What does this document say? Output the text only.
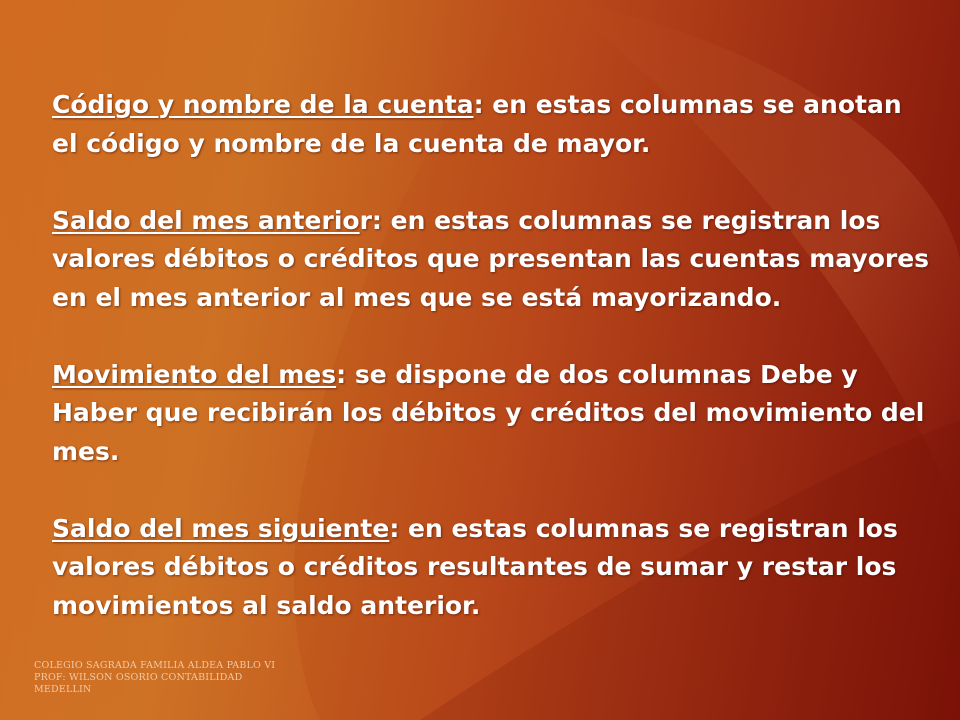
Código y nombre de la cuenta: en estas columnas se anotan el código y nombre de la cuenta de mayor.

Saldo del mes anterior: en estas columnas se registran los valores débitos o créditos que presentan las cuentas mayores en el mes anterior al mes que se está mayorizando.

Movimiento del mes: se dispone de dos columnas Debe y Haber que recibirán los débitos y créditos del movimiento del mes.

Saldo del mes siguiente: en estas columnas se registran los valores débitos o créditos resultantes de sumar y restar los movimientos al saldo anterior.

COLEGIO SAGRADA FAMILIA ALDEA PABLO VI
PROF: WILSON OSORIO CONTABILIDAD
MEDELLIN
